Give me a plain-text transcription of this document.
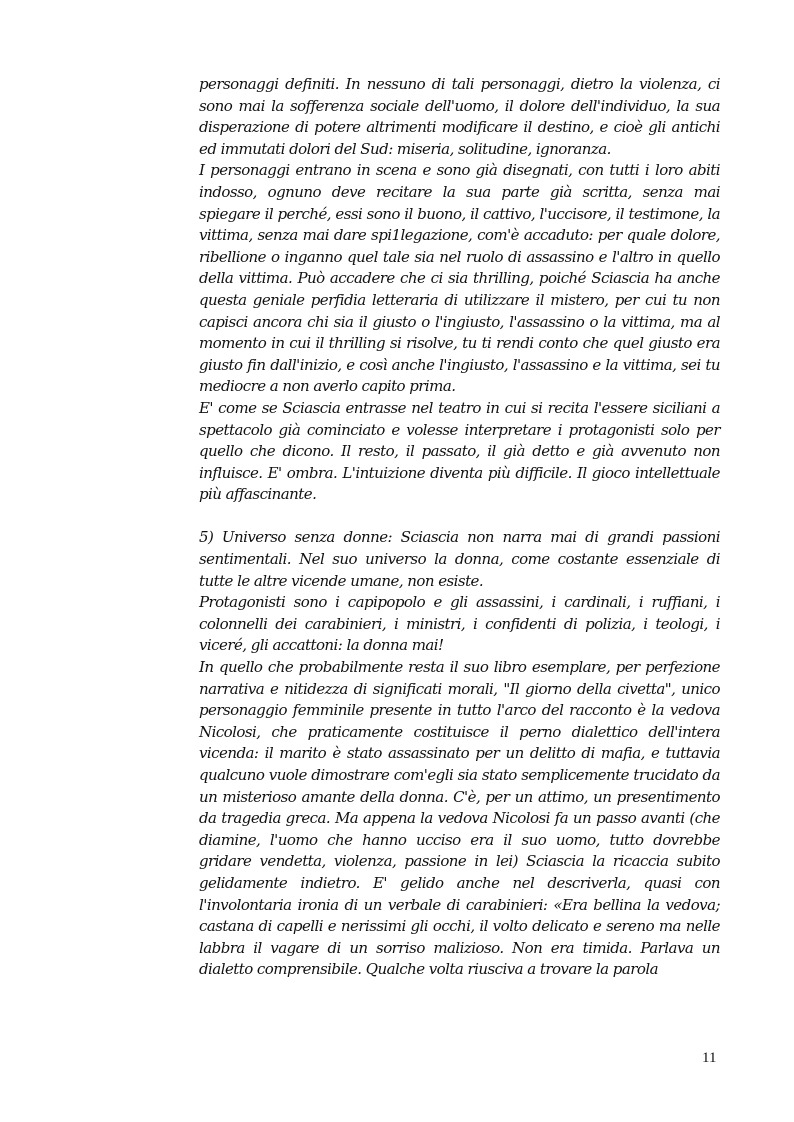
personaggi definiti. In nessuno di tali personaggi, dietro la violenza, ci sono mai la sofferenza sociale dell'uomo, il dolore dell'individuo, la sua disperazione di potere altrimenti modificare il destino, e cioè gli antichi ed immutati dolori del Sud: miseria, solitudine, ignoranza.

I personaggi entrano in scena e sono già disegnati, con tutti i loro abiti indosso, ognuno deve recitare la sua parte già scritta, senza mai spiegare il perché, essi sono il buono, il cattivo, l'uccisore, il testimone, la vittima, senza mai dare spi1legazione, com'è accaduto: per quale dolore, ribellione o inganno quel tale sia nel ruolo di assassino e l'altro in quello della vittima. Può accadere che ci sia thrilling, poiché Sciascia ha anche questa geniale perfidia letteraria di utilizzare il mistero, per cui tu non capisci ancora chi sia il giusto o l'ingiusto, l'assassino o la vittima, ma al momento in cui il thrilling si risolve, tu ti rendi conto che quel giusto era giusto fin dall'inizio, e così anche l'ingiusto, l'assassino e la vittima, sei tu mediocre a non averlo capito prima.

E' come se Sciascia entrasse nel teatro in cui si recita l'essere siciliani a spettacolo già cominciato e volesse interpretare i protagonisti solo per quello che dicono. Il resto, il passato, il già detto e già avvenuto non influisce. E' ombra. L'intuizione diventa più difficile. Il gioco intellettuale più affascinante.

5) Universo senza donne: Sciascia non narra mai di grandi passioni sentimentali. Nel suo universo la donna, come costante essenziale di tutte le altre vicende umane, non esiste.

Protagonisti sono i capipopolo e gli assassini, i cardinali, i ruffiani, i colonnelli dei carabinieri, i ministri, i confidenti di polizia, i teologi, i viceré, gli accattoni: la donna mai!

In quello che probabilmente resta il suo libro esemplare, per perfezione narrativa e nitidezza di significati morali, "Il giorno della civetta", unico personaggio femminile presente in tutto l'arco del racconto è la vedova Nicolosi, che praticamente costituisce il perno dialettico dell'intera vicenda: il marito è stato assassinato per un delitto di mafia, e tuttavia qualcuno vuole dimostrare com'egli sia stato semplicemente trucidato da un misterioso amante della donna. C'è, per un attimo, un presentimento da tragedia greca. Ma appena la vedova Nicolosi fa un passo avanti (che diamine, l'uomo che hanno ucciso era il suo uomo, tutto dovrebbe gridare vendetta, violenza, passione in lei) Sciascia la ricaccia subito gelidamente indietro. E' gelido anche nel descriverla, quasi con l'involontaria ironia di un verbale di carabinieri: «Era bellina la vedova; castana di capelli e nerissimi gli occhi, il volto delicato e sereno ma nelle labbra il vagare di un sorriso malizioso. Non era timida. Parlava un dialetto comprensibile. Qualche volta riusciva a trovare la parola

11
